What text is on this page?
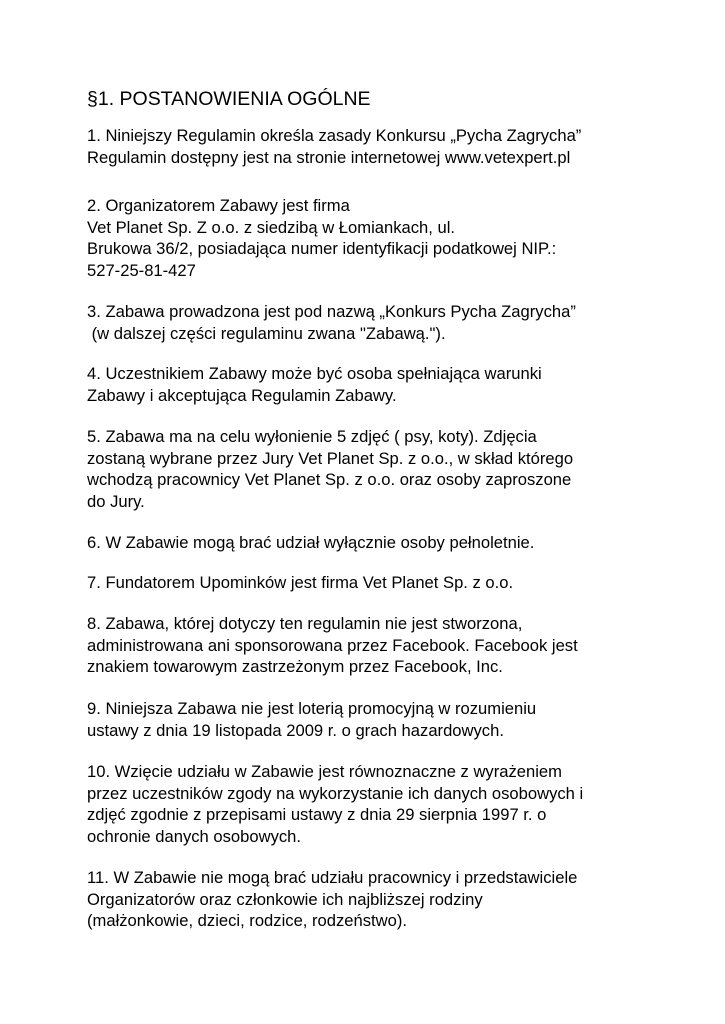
§1. POSTANOWIENIA OGÓLNE

1. Niniejszy Regulamin określa zasady Konkursu „Pycha Zagrycha”
Regulamin dostępny jest na stronie internetowej www.vetexpert.pl

2. Organizatorem Zabawy jest firma
Vet Planet Sp. Z o.o. z siedzibą w Łomiankach, ul.
Brukowa 36/2, posiadająca numer identyfikacji podatkowej NIP.:
527-25-81-427

3. Zabawa prowadzona jest pod nazwą „Konkurs Pycha Zagrycha”
(w dalszej części regulaminu zwana "Zabawą.").

4. Uczestnikiem Zabawy może być osoba spełniająca warunki
Zabawy i akceptująca Regulamin Zabawy.

5. Zabawa ma na celu wyłonienie 5 zdjęć ( psy, koty). Zdjęcia
zostaną wybrane przez Jury Vet Planet Sp. z o.o., w skład którego
wchodzą pracownicy Vet Planet Sp. z o.o. oraz osoby zaproszone
do Jury.

6. W Zabawie mogą brać udział wyłącznie osoby pełnoletnie.

7. Fundatorem Upominków jest firma Vet Planet Sp. z o.o.

8. Zabawa, której dotyczy ten regulamin nie jest stworzona,
administrowana ani sponsorowana przez Facebook. Facebook jest
znakiem towarowym zastrzeżonym przez Facebook, Inc.

9. Niniejsza Zabawa nie jest loterią promocyjną w rozumieniu
ustawy z dnia 19 listopada 2009 r. o grach hazardowych.

10. Wzięcie udziału w Zabawie jest równoznaczne z wyrażeniem
przez uczestników zgody na wykorzystanie ich danych osobowych i
zdjęć zgodnie z przepisami ustawy z dnia 29 sierpnia 1997 r. o
ochronie danych osobowych.

11. W Zabawie nie mogą brać udziału pracownicy i przedstawiciele
Organizatorów oraz członkowie ich najbliższej rodziny
(małżonkowie, dzieci, rodzice, rodzeństwo).
